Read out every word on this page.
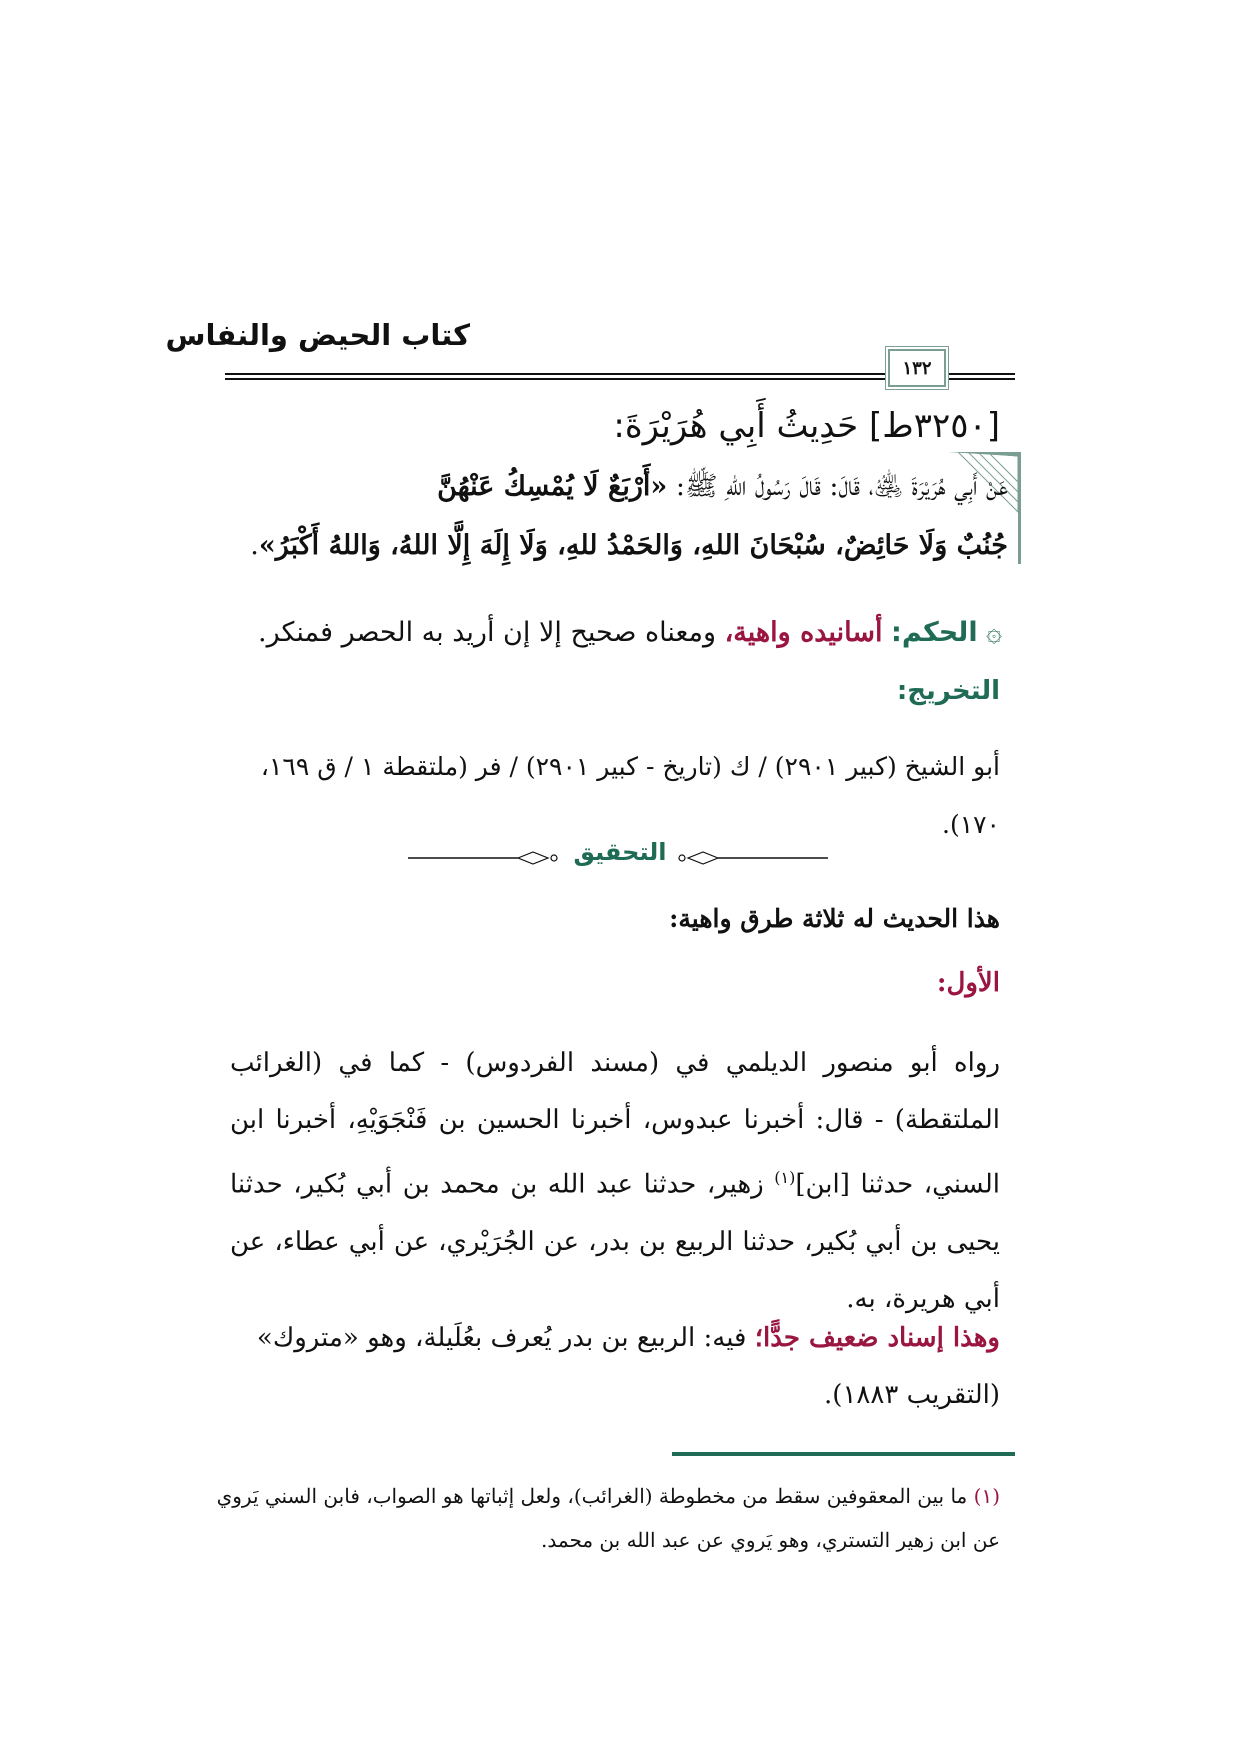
كتاب الحيض والنفاس
١٣٢
[٣٢٥٠ط] حَدِيثُ أَبِي هُرَيْرَةَ:
عَنْ أَبِي هُرَيْرَةَ ﵁، قَالَ: قَالَ رَسُولُ اللهِ ﷺ: «أَرْبَعٌ لَا يُمْسِكُ عَنْهُنَّ
جُنُبٌ وَلَا حَائِضٌ، سُبْحَانَ اللهِ، وَالحَمْدُ للهِ، وَلَا إِلَهَ إِلَّا اللهُ، وَاللهُ أَكْبَرُ».
۞ الحكم: أسانيده واهية، ومعناه صحيح إلا إن أريد به الحصر فمنكر.
التخريج:
أبو الشيخ (كبير ٢٩٠١) / ك (تاريخ - كبير ٢٩٠١) / فر (ملتقطة ١ / ق ١٦٩، ١٧٠).
التحقيق
هذا الحديث له ثلاثة طرق واهية:
الأول:

رواه أبو منصور الديلمي في (مسند الفردوس) - كما في (الغرائب الملتقطة) - قال: أخبرنا عبدوس، أخبرنا الحسين بن فَنْجَوَيْهِ، أخبرنا ابن السني، حدثنا [ابن]$^{(١)}$ زهير، حدثنا عبد الله بن محمد بن أبي بُكير، حدثنا يحيى بن أبي بُكير، حدثنا الربيع بن بدر، عن الجُرَيْري، عن أبي عطاء، عن أبي هريرة، به.

وهذا إسناد ضعيف جدًّا؛ فيه: الربيع بن بدر يُعرف بعُلَيلة، وهو «متروك» (التقريب ١٨٨٣).
(١) ما بين المعقوفين سقط من مخطوطة (الغرائب)، ولعل إثباتها هو الصواب، فابن السني يَروي عن ابن زهير التستري، وهو يَروي عن عبد الله بن محمد.
